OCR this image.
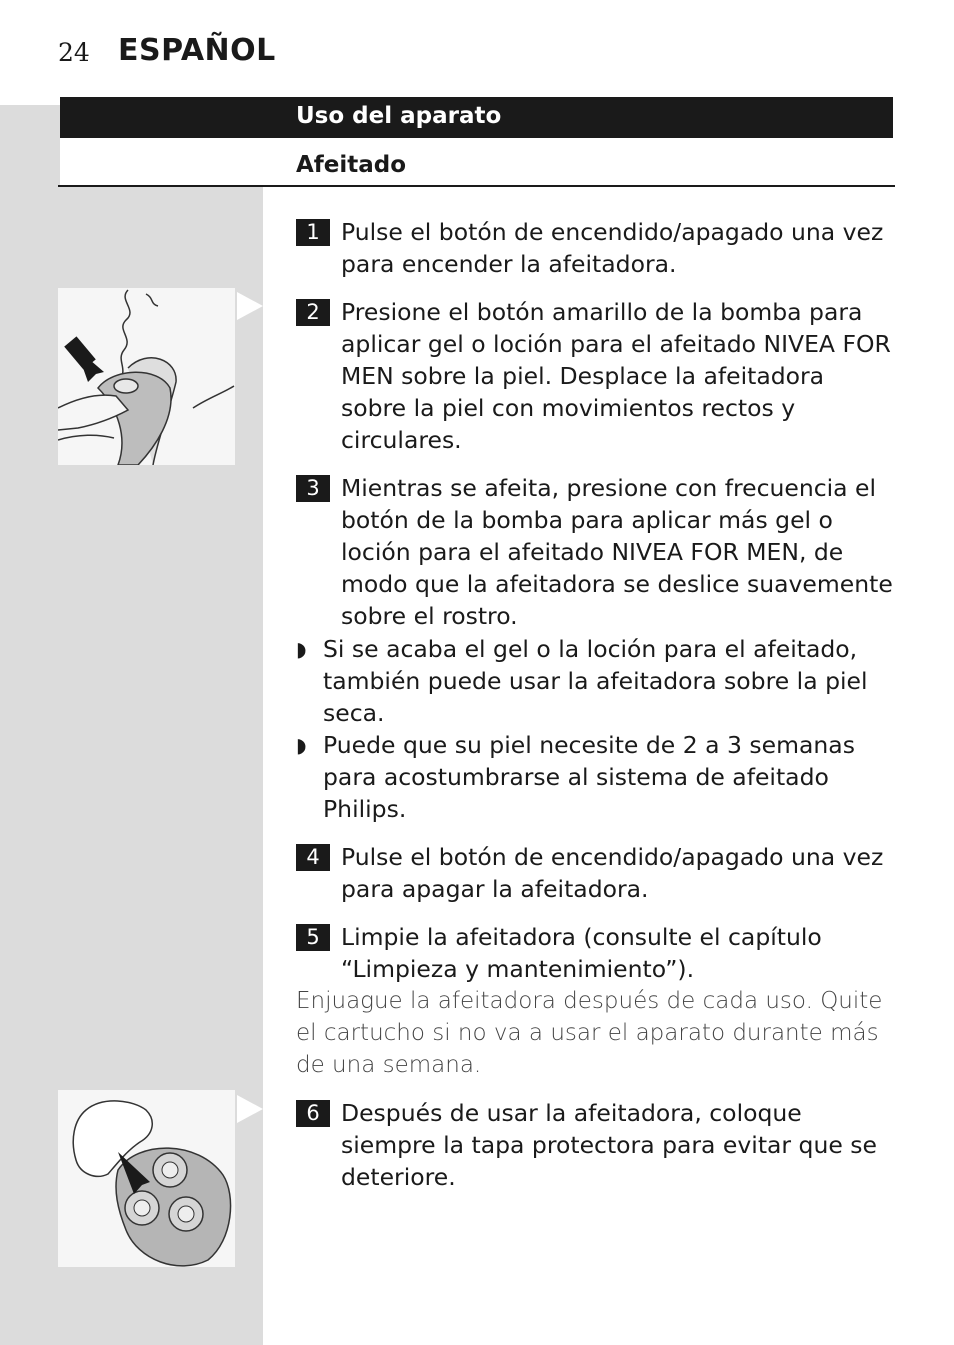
24 ESPAÑOL
Uso del aparato
Afeitado
1 Pulse el botón de encendido/apagado una vez para encender la afeitadora.
2 Presione el botón amarillo de la bomba para aplicar gel o loción para el afeitado NIVEA FOR MEN sobre la piel. Desplace la afeitadora sobre la piel con movimientos rectos y circulares.
3 Mientras se afeita, presione con frecuencia el botón de la bomba para aplicar más gel o loción para el afeitado NIVEA FOR MEN, de modo que la afeitadora se deslice suavemente sobre el rostro.
◗ Si se acaba el gel o la loción para el afeitado, también puede usar la afeitadora sobre la piel seca.
◗ Puede que su piel necesite de 2 a 3 semanas para acostumbrarse al sistema de afeitado Philips.
4 Pulse el botón de encendido/apagado una vez para apagar la afeitadora.
5 Limpie la afeitadora (consulte el capítulo “Limpieza y mantenimiento”).
Enjuague la afeitadora después de cada uso. Quite el cartucho si no va a usar el aparato durante más de una semana.
6 Después de usar la afeitadora, coloque siempre la tapa protectora para evitar que se deteriore.
